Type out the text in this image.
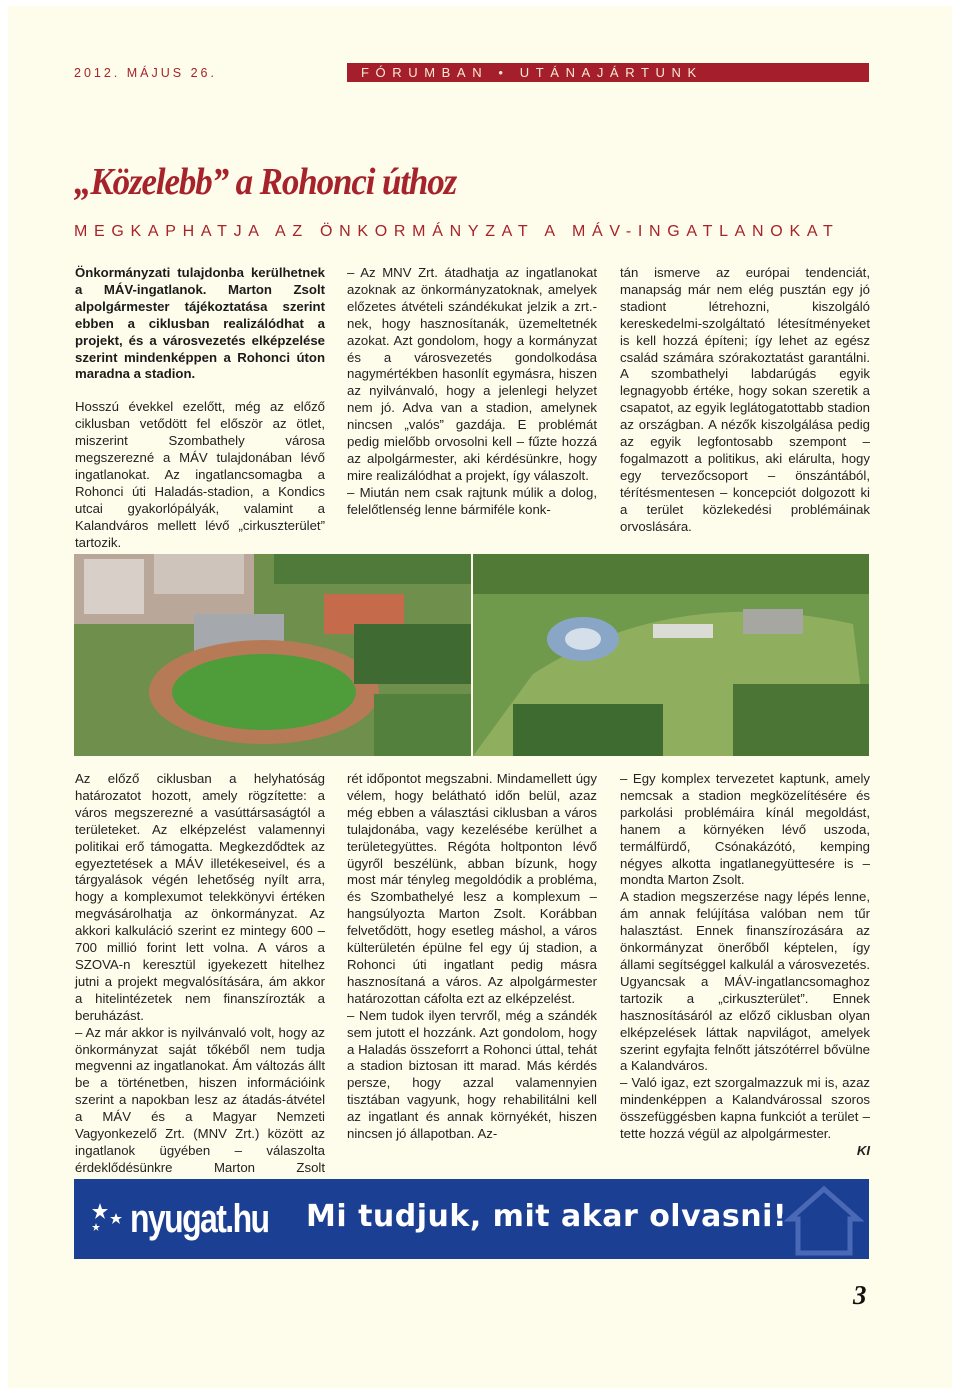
2012. MÁJUS 26.	FÓRUMBAN • UTÁNAJÁRTUNK
„Közelebb” a Rohonci úthoz
MEGKAPHATJA AZ ÖNKORMÁNYZAT A MÁV-INGATLANOKAT

Önkormányzati tulajdonba kerülhetnek a MÁV-ingatlanok. Marton Zsolt alpolgármester tájékoztatása szerint ebben a ciklusban realizálódhat a projekt, és a városvezetés elképzelése szerint mindenképpen a Rohonci úton maradna a stadion.

Hosszú évekkel ezelőtt, még az előző ciklusban vetődött fel először az ötlet, miszerint Szombathely városa megszerezné a MÁV tulajdonában lévő ingatlanokat. Az ingatlancsomagba a Rohonci úti Haladás-stadion, a Kondics utcai gyakorlópályák, valamint a Kalandváros mellett lévő „cirkuszterület” tartozik.

– Az MNV Zrt. átadhatja az ingatlanokat azoknak az önkormányzatoknak, amelyek előzetes átvételi szándékukat jelzik a zrt.-nek, hogy hasznosítanák, üzemeltetnék azokat. Azt gondolom, hogy a kormányzat és a városvezetés gondolkodása nagymértékben hasonlít egymásra, hiszen az nyilvánvaló, hogy a jelenlegi helyzet nem jó. Adva van a stadion, amelynek nincsen „valós” gazdája. E problémát pedig mielőbb orvosolni kell – fűzte hozzá az alpolgármester, aki kérdésünkre, hogy mire realizálódhat a projekt, így válaszolt.

– Miután nem csak rajtunk múlik a dolog, felelőtlenség lenne bármiféle konk-

tán ismerve az európai tendenciát, manapság már nem elég pusztán egy jó stadiont létrehozni, kiszolgáló kereskedelmi-szolgáltató létesítményeket is kell hozzá építeni; így lehet az egész család számára szórakoztatást garantálni. A szombathelyi labdarúgás egyik legnagyobb értéke, hogy sokan szeretik a csapatot, az egyik leglátogatottabb stadion az országban. A nézők kiszolgálása pedig az egyik legfontosabb szempont – fogalmazott a politikus, aki elárulta, hogy egy tervezőcsoport – önszántából, térítésmentesen – koncepciót dolgozott ki a terület közlekedési problémáinak orvoslására.

Az előző ciklusban a helyhatóság határozatot hozott, amely rögzítette: a város megszerezné a vasúttársaságtól a területeket. Az elképzelést valamennyi politikai erő támogatta. Megkezdődtek az egyeztetések a MÁV illetékeseivel, és a tárgyalások végén lehetőség nyílt arra, hogy a komplexumot telekkönyvi értéken megvásárolhatja az önkormányzat. Az akkori kalkuláció szerint ez mintegy 600 – 700 millió forint lett volna. A város a SZOVA-n keresztül igyekezett hitelhez jutni a projekt megvalósítására, ám akkor a hitelintézetek nem finanszírozták a beruházást.

– Az már akkor is nyilvánvaló volt, hogy az önkormányzat saját tőkéből nem tudja megvenni az ingatlanokat. Ám változás állt be a történetben, hiszen információink szerint a napokban lesz az átadás-átvétel a MÁV és a Magyar Nemzeti Vagyonkezelő Zrt. (MNV Zrt.) között az ingatlanok ügyében – válaszolta érdeklődésünkre Marton Zsolt

rét időpontot megszabni. Mindamellett úgy vélem, hogy belátható időn belül, azaz még ebben a választási ciklusban a város tulajdonába, vagy kezelésébe kerülhet a területegyüttes. Régóta holtponton lévő ügyről beszélünk, abban bízunk, hogy most már tényleg megoldódik a probléma, és Szombathelyé lesz a komplexum – hangsúlyozta Marton Zsolt. Korábban felvetődött, hogy esetleg máshol, a város külterületén épülne fel egy új stadion, a Rohonci úti ingatlant pedig másra hasznosítaná a város. Az alpolgármester határozottan cáfolta ezt az elképzelést.

– Nem tudok ilyen tervről, még a szándék sem jutott el hozzánk. Azt gondolom, hogy a Haladás összeforrt a Rohonci úttal, tehát a stadion biztosan itt marad. Más kérdés persze, hogy azzal valamennyien tisztában vagyunk, hogy rehabilitálni kell az ingatlant és annak környékét, hiszen nincsen jó állapotban. Az-

– Egy komplex tervezetet kaptunk, amely nemcsak a stadion megközelítésére és parkolási problémáira kínál megoldást, hanem a környéken lévő uszoda, termálfürdő, Csónakázótó, kemping négyes alkotta ingatlanegyüttesére is – mondta Marton Zsolt.

A stadion megszerzése nagy lépés lenne, ám annak felújítása valóban nem tűr halasztást. Ennek finanszírozására az önkormányzat önerőből képtelen, így állami segítséggel kalkulál a városvezetés. Ugyancsak a MÁV-ingatlancsomaghoz tartozik a „cirkuszterület”. Ennek hasznosításáról az előző ciklusban olyan elképzelések láttak napvilágot, amelyek szerint egyfajta felnőtt játszótérrel bővülne a Kalandváros.

– Való igaz, ezt szorgalmazzuk mi is, azaz mindenképpen a Kalandvárossal szoros összefüggésben kapna funkciót a terület – tette hozzá végül az alpolgármester.

KI

nyugat.hu Mi tudjuk, mit akar olvasni!
3
